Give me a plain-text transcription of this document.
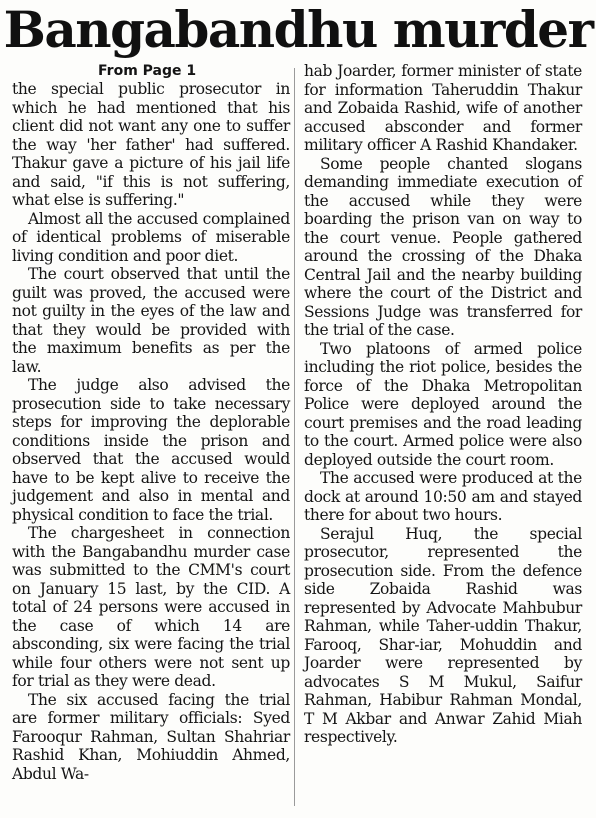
Bangabandhu murder
From Page 1

the special public prosecutor in which he had mentioned that his client did not want any one to suffer the way 'her father' had suffered. Thakur gave a picture of his jail life and said, "if this is not suffering, what else is suffering."

Almost all the accused complained of identical problems of miserable living condition and poor diet.

The court observed that until the guilt was proved, the accused were not guilty in the eyes of the law and that they would be provided with the maximum benefits as per the law.

The judge also advised the prosecution side to take necessary steps for improving the deplorable conditions inside the prison and observed that the accused would have to be kept alive to receive the judgement and also in mental and physical condition to face the trial.

The chargesheet in connection with the Bangabandhu murder case was submitted to the CMM's court on January 15 last, by the CID. A total of 24 persons were accused in the case of which 14 are absconding, six were facing the trial while four others were not sent up for trial as they were dead.

The six accused facing the trial are former military officials: Syed Farooqur Rahman, Sultan Shahriar Rashid Khan, Mohiuddin Ahmed, Abdul Wa-

hab Joarder, former minister of state for information Taheruddin Thakur and Zobaida Rashid, wife of another accused absconder and former military officer A Rashid Khandaker.

Some people chanted slogans demanding immediate execution of the accused while they were boarding the prison van on way to the court venue. People gathered around the crossing of the Dhaka Central Jail and the nearby building where the court of the District and Sessions Judge was transferred for the trial of the case.

Two platoons of armed police including the riot police, besides the force of the Dhaka Metropolitan Police were deployed around the court premises and the road leading to the court. Armed police were also deployed outside the court room.

The accused were produced at the dock at around 10:50 am and stayed there for about two hours.

Serajul Huq, the special prosecutor, represented the prosecution side. From the defence side Zobaida Rashid was represented by Advocate Mahbubur Rahman, while Taher-uddin Thakur, Farooq, Shar-iar, Mohuddin and Joarder were represented by advocates S M Mukul, Saifur Rahman, Habibur Rahman Mondal, T M Akbar and Anwar Zahid Miah respectively.
